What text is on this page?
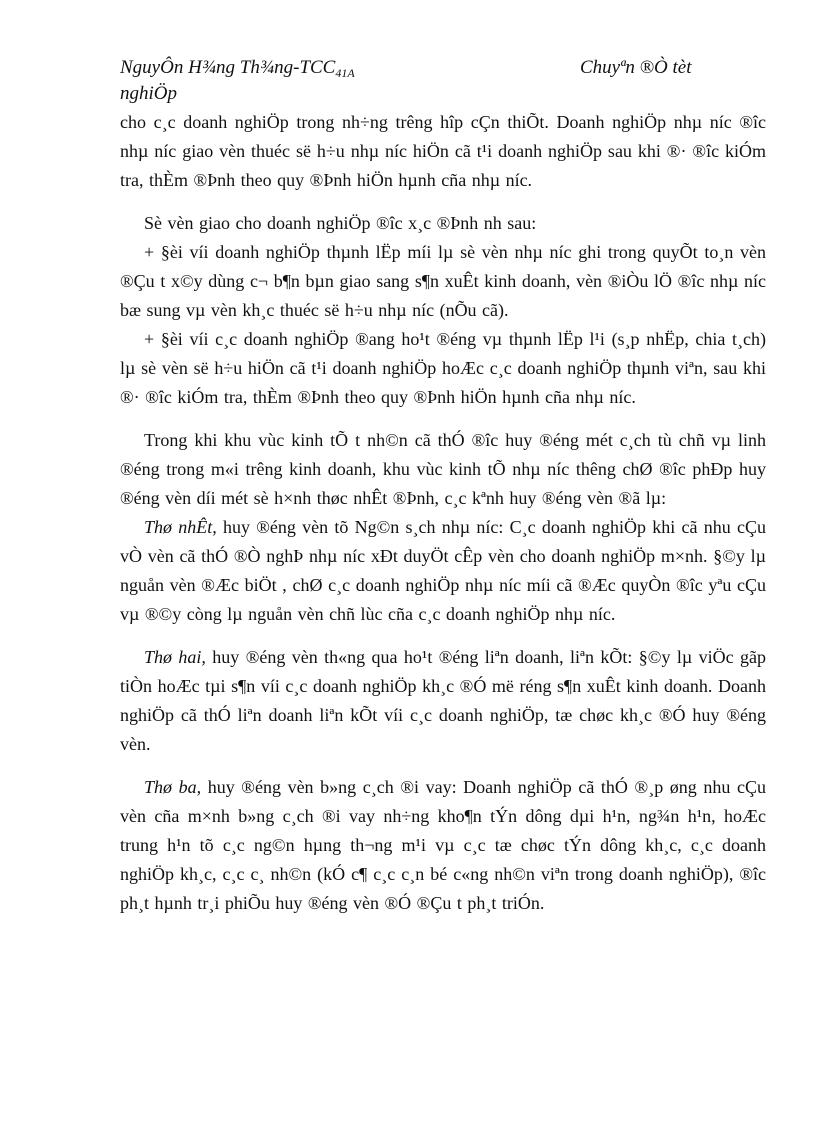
NguyÔn H¾ng Th¾ng-$TCC_{41A}$	Chuyªn ®Ò tèt
nghiÖp

cho c¸c doanh nghiÖp trong nh÷ng trêng hîp cÇn thiÕt. Doanh nghiÖp nhµ níc ®îc nhµ níc giao vèn thuéc së h÷u nhµ níc hiÖn cã t¹i doanh nghiÖp sau khi ®· ®îc kiÓm tra, thÈm ®Þnh theo quy ®Þnh hiÖn hµnh cña nhµ níc.

Sè vèn giao cho doanh nghiÖp ®îc x¸c ®Þnh nh sau:

+ §èi víi doanh nghiÖp thµnh lËp míi lµ sè vèn nhµ níc ghi trong quyÕt to¸n vèn ®Çu t x©y dùng c¬ b¶n bµn giao sang s¶n xuÊt kinh doanh, vèn ®iÒu lÖ ®îc nhµ níc bæ sung vµ vèn kh¸c thuéc së h÷u nhµ níc (nÕu cã).

+ §èi víi c¸c doanh nghiÖp ®ang ho¹t ®éng vµ thµnh lËp l¹i (s¸p nhËp, chia t¸ch) lµ sè vèn së h÷u hiÖn cã t¹i doanh nghiÖp hoÆc c¸c doanh nghiÖp thµnh viªn, sau khi ®· ®îc kiÓm tra, thÈm ®Þnh theo quy ®Þnh hiÖn hµnh cña nhµ níc.

Trong khi khu vùc kinh tÕ t nh©n cã thÓ ®îc huy ®éng mét c¸ch tù chñ vµ linh ®éng trong m«i trêng kinh doanh, khu vùc kinh tÕ nhµ níc thêng chØ ®îc phÐp huy ®éng vèn díi mét sè h×nh thøc nhÊt ®Þnh, c¸c kªnh huy ®éng vèn ®ã lµ:

Thø nhÊt, huy ®éng vèn tõ Ng©n s¸ch nhµ níc: C¸c doanh nghiÖp khi cã nhu cÇu vÒ vèn cã thÓ ®Ò nghÞ nhµ níc xÐt duyÖt cÊp vèn cho doanh nghiÖp m×nh. §©y lµ nguån vèn ®Æc biÖt , chØ c¸c doanh nghiÖp nhµ níc míi cã ®Æc quyÒn ®îc yªu cÇu vµ ®©y còng lµ nguån vèn chñ lùc cña c¸c doanh nghiÖp nhµ níc.

Thø hai, huy ®éng vèn th«ng qua ho¹t ®éng liªn doanh, liªn kÕt: §©y lµ viÖc gãp tiÒn hoÆc tµi s¶n víi c¸c doanh nghiÖp kh¸c ®Ó më réng s¶n xuÊt kinh doanh. Doanh nghiÖp cã thÓ liªn doanh liªn kÕt víi c¸c doanh nghiÖp, tæ chøc kh¸c ®Ó huy ®éng vèn.

Thø ba, huy ®éng vèn b»ng c¸ch ®i vay: Doanh nghiÖp cã thÓ ®¸p øng nhu cÇu vèn cña m×nh b»ng c¸ch ®i vay nh÷ng kho¶n tÝn dông dµi h¹n, ng¾n h¹n, hoÆc trung h¹n tõ c¸c ng©n hµng th¬ng m¹i vµ c¸c tæ chøc tÝn dông kh¸c, c¸c doanh nghiÖp kh¸c, c¸c c¸ nh©n (kÓ c¶ c¸c c¸n bé c«ng nh©n viªn trong doanh nghiÖp), ®îc ph¸t hµnh tr¸i phiÕu huy ®éng vèn ®Ó ®Çu t ph¸t triÓn.
